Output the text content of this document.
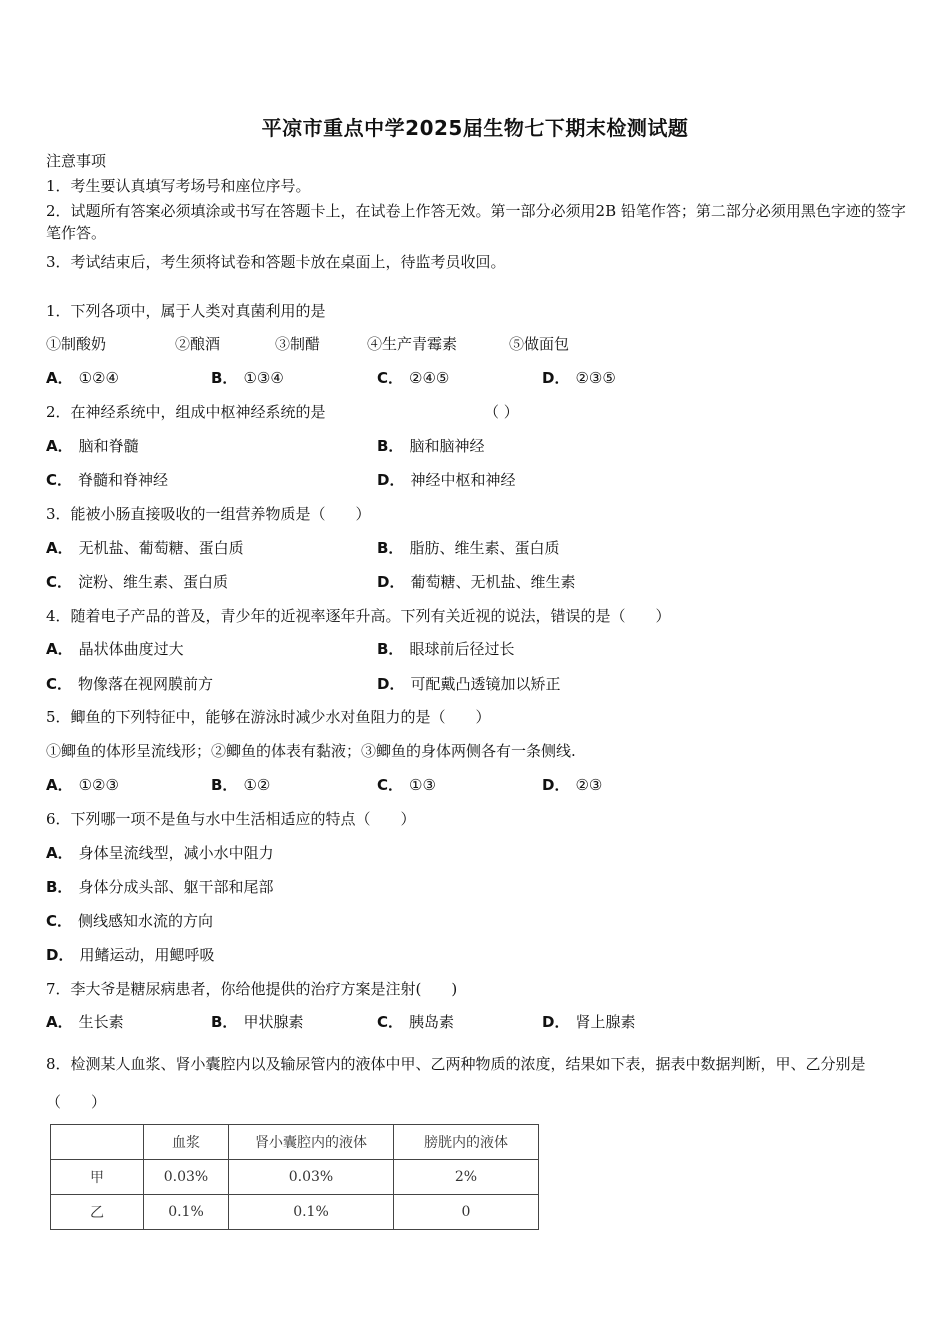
平凉市重点中学2025届生物七下期末检测试题
注意事项
1．考生要认真填写考场号和座位序号。
2．试题所有答案必须填涂或书写在答题卡上，在试卷上作答无效。第一部分必须用2B 铅笔作答；第二部分必须用黑色字迹的签字笔作答。
3．考试结束后，考生须将试卷和答题卡放在桌面上，待监考员收回。
1．下列各项中，属于人类对真菌利用的是
①制酸奶	②酿酒	③制醋	④生产青霉素	⑤做面包
A． ①②④	B． ①③④	C． ②④⑤	D． ②③⑤
2．在神经系统中，组成中枢神经系统的是	（ ）
A． 脑和脊髓	B． 脑和脑神经
C． 脊髓和脊神经	D． 神经中枢和神经
3．能被小肠直接吸收的一组营养物质是（　　）
A． 无机盐、葡萄糖、蛋白质	B． 脂肪、维生素、蛋白质
C． 淀粉、维生素、蛋白质	D． 葡萄糖、无机盐、维生素
4．随着电子产品的普及，青少年的近视率逐年升高。下列有关近视的说法，错误的是（　　）
A． 晶状体曲度过大	B． 眼球前后径过长
C． 物像落在视网膜前方	D． 可配戴凸透镜加以矫正
5．鲫鱼的下列特征中，能够在游泳时减少水对鱼阻力的是（　　）
①鲫鱼的体形呈流线形；②鲫鱼的体表有黏液；③鲫鱼的身体两侧各有一条侧线.
A． ①②③	B． ①②	C． ①③	D． ②③
6．下列哪一项不是鱼与水中生活相适应的特点（　　）
A． 身体呈流线型，减小水中阻力
B． 身体分成头部、躯干部和尾部
C． 侧线感知水流的方向
D． 用鳍运动，用鳃呼吸
7．李大爷是糖尿病患者，你给他提供的治疗方案是注射(　　)
A． 生长素	B． 甲状腺素	C． 胰岛素	D． 肾上腺素
8．检测某人血浆、肾小囊腔内以及输尿管内的液体中甲、乙两种物质的浓度，结果如下表，据表中数据判断，甲、乙分别是（　　）
	血浆	肾小囊腔内的液体	膀胱内的液体
甲	0.03%	0.03%	2%
乙	0.1%	0.1%	0
